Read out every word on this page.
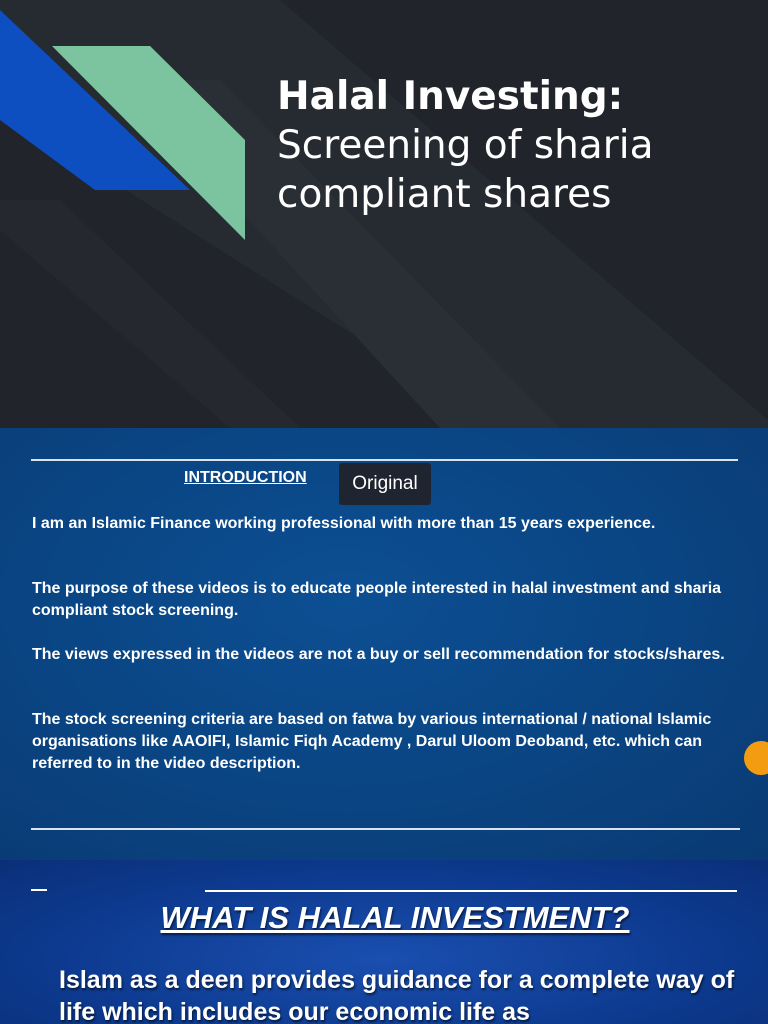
Halal Investing:
Screening of sharia
compliant shares
INTRODUCTION	Original
I am an Islamic Finance working professional with more than 15 years experience.
The purpose of these videos is to educate people interested in halal investment and sharia compliant stock screening.
The views expressed in the videos are not a buy or sell recommendation for stocks/shares.
The stock screening criteria are based on fatwa by various international / national Islamic organisations like AAOIFI, Islamic Fiqh Academy , Darul Uloom Deoband, etc. which can referred to in the video description.
WHAT IS HALAL INVESTMENT?
Islam as a deen provides guidance for a complete way of life which includes our economic life as
